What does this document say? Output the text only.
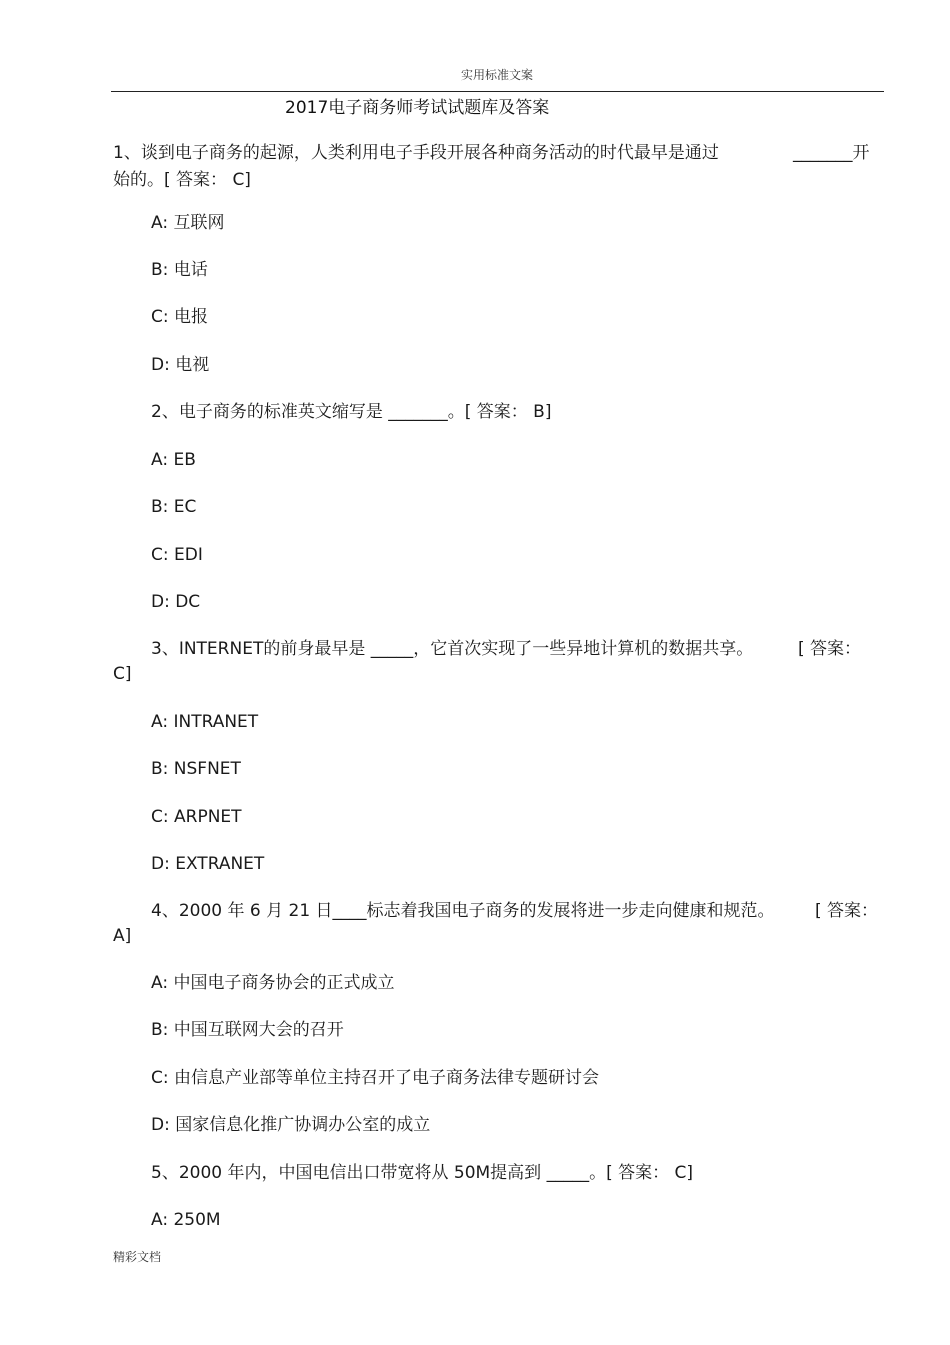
实用标准文案
2017电子商务师考试试题库及答案
1、谈到电子商务的起源，人类利用电子手段开展各种商务活动的时代最早是通过	_______开

始的。[ 答案： C]
A: 互联网
B: 电话
C: 电报
D: 电视
2、电子商务的标准英文缩写是 _______。[ 答案： B]
A: EB
B: EC
C: EDI
D: DC
3、INTERNET的前身最早是 _____，它首次实现了一些异地计算机的数据共享。	[ 答案：
C]
A: INTRANET
B: NSFNET
C: ARPNET
D: EXTRANET
4、2000 年 6 月 21 日____标志着我国电子商务的发展将进一步走向健康和规范。 [ 答案：
A]
A: 中国电子商务协会的正式成立
B: 中国互联网大会的召开
C: 由信息产业部等单位主持召开了电子商务法律专题研讨会
D: 国家信息化推广协调办公室的成立
5、2000 年内，中国电信出口带宽将从 50M提高到 _____。[ 答案： C]
A: 250M
精彩文档
